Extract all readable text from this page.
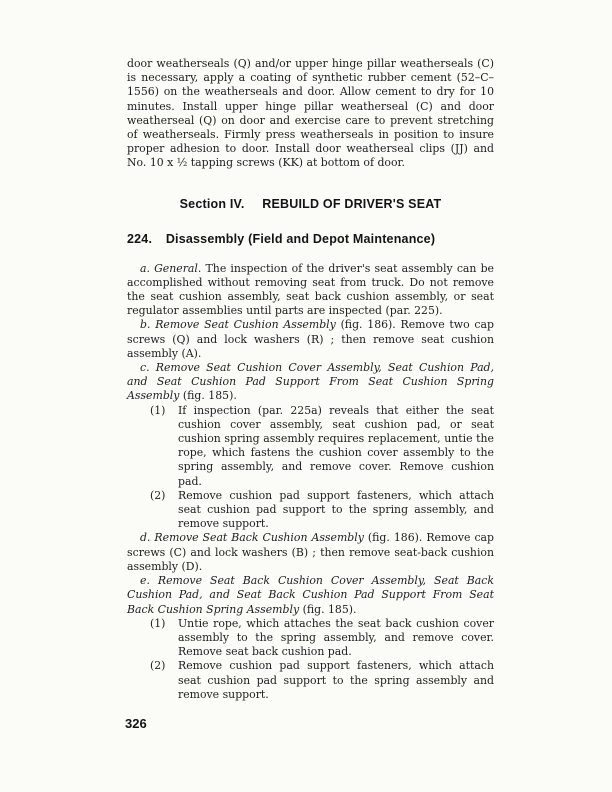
door weatherseals (Q) and/or upper hinge pillar weatherseals (C) is necessary, apply a coating of synthetic rubber cement (52–C– 1556) on the weatherseals and door. Allow cement to dry for 10 minutes. Install upper hinge pillar weatherseal (C) and door weatherseal (Q) on door and exercise care to prevent stretching of weatherseals. Firmly press weatherseals in position to insure proper adhesion to door. Install door weatherseal clips (JJ) and No. 10 x ½ tapping screws (KK) at bottom of door.

Section IV. REBUILD OF DRIVER'S SEAT
224. Disassembly (Field and Depot Maintenance)

a. General. The inspection of the driver's seat assembly can be accomplished without removing seat from truck. Do not remove the seat cushion assembly, seat back cushion assembly, or seat regulator assemblies until parts are inspected (par. 225).

b. Remove Seat Cushion Assembly (fig. 186). Remove two cap screws (Q) and lock washers (R) ; then remove seat cushion assembly (A).

c. Remove Seat Cushion Cover Assembly, Seat Cushion Pad, and Seat Cushion Pad Support From Seat Cushion Spring Assembly (fig. 185).

(1) If inspection (par. 225a) reveals that either the seat cushion cover assembly, seat cushion pad, or seat cushion spring assembly requires replacement, untie the rope, which fastens the cushion cover assembly to the spring assembly, and remove cover. Remove cushion pad.
(2) Remove cushion pad support fasteners, which attach seat cushion pad support to the spring assembly, and remove support.

d. Remove Seat Back Cushion Assembly (fig. 186). Remove cap screws (C) and lock washers (B) ; then remove seat-back cushion assembly (D).

e. Remove Seat Back Cushion Cover Assembly, Seat Back Cushion Pad, and Seat Back Cushion Pad Support From Seat Back Cushion Spring Assembly (fig. 185).

(1) Untie rope, which attaches the seat back cushion cover assembly to the spring assembly, and remove cover. Remove seat back cushion pad.
(2) Remove cushion pad support fasteners, which attach seat cushion pad support to the spring assembly and remove support.
326
